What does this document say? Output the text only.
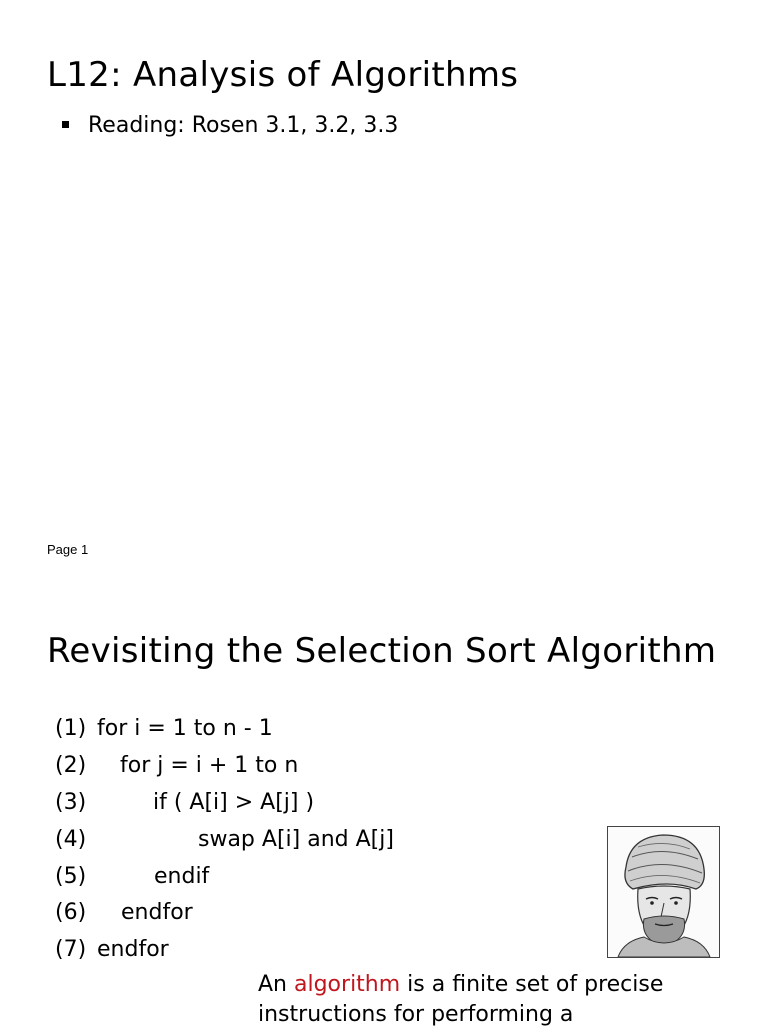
L12: Analysis of Algorithms
Reading: Rosen 3.1, 3.2, 3.3
Page 1
Revisiting the Selection Sort Algorithm
(1) for i = 1 to n - 1
(2) for j = i + 1 to n
(3)	if ( A[i] > A[j] )
(4)	swap A[i] and A[j]
(5)	endif
(6) endfor
(7) endfor
An algorithm is a finite set of precise instructions for performing a
